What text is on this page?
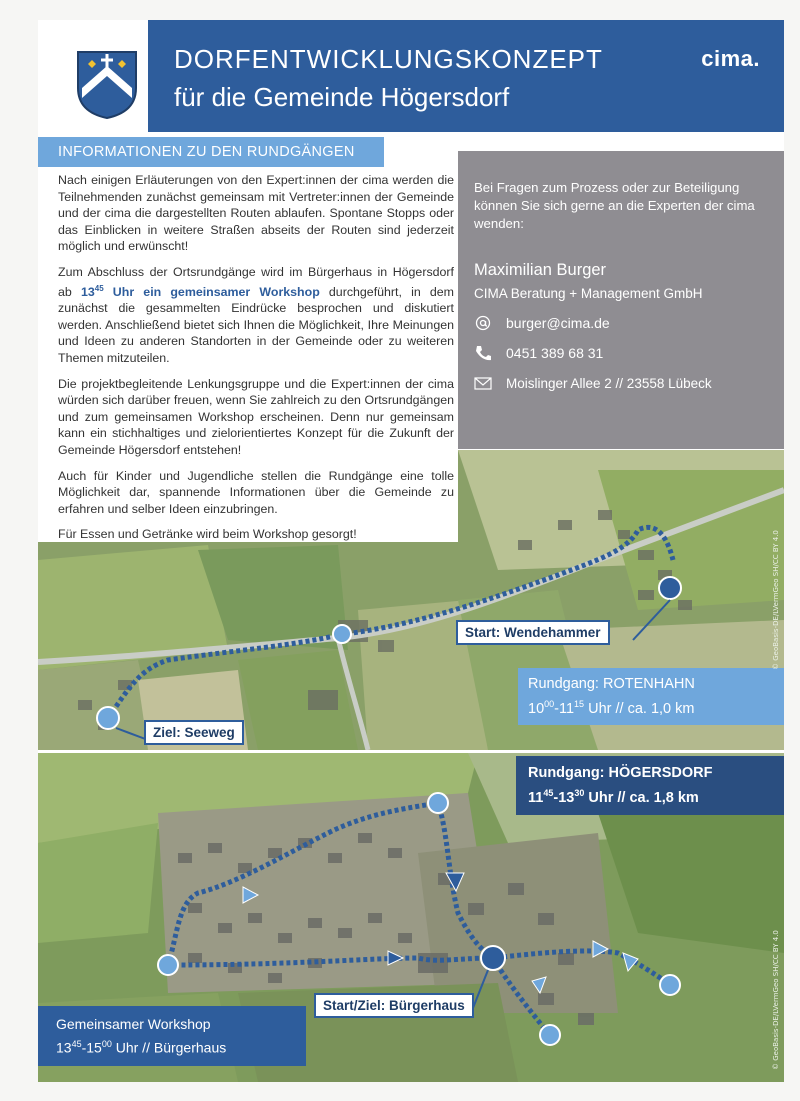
DORFENTWICKLUNGSKONZEPT
für die Gemeinde Högersdorf
cima.
INFORMATIONEN ZU DEN RUNDGÄNGEN
Bei Fragen zum Prozess oder zur Beteiligung können Sie sich gerne an die Experten der cima wenden:
Maximilian Burger
CIMA Beratung + Management GmbH
burger@cima.de
0451 389 68 31
Moislinger Allee 2 // 23558 Lübeck

Nach einigen Erläuterungen von den Expert:innen der cima werden die Teilnehmenden zunächst gemeinsam mit Vertreter:innen der Gemeinde und der cima die dargestellten Routen ablaufen. Spontane Stopps oder das Einblicken in weitere Straßen abseits der Routen sind jederzeit möglich und erwünscht!

Zum Abschluss der Ortsrundgänge wird im Bürgerhaus in Högersdorf ab $13^{45}$ Uhr ein gemeinsamer Workshop durchgeführt, in dem zunächst die gesammelten Eindrücke besprochen und diskutiert werden. Anschließend bietet sich Ihnen die Möglichkeit, Ihre Meinungen und Ideen zu anderen Standorten in der Gemeinde oder zu weiteren Themen mitzuteilen.

Die projektbegleitende Lenkungsgruppe und die Expert:innen der cima würden sich darüber freuen, wenn Sie zahlreich zu den Ortsrundgängen und zum gemeinsamen Workshop erscheinen. Denn nur gemeinsam kann ein stichhaltiges und zielorientiertes Konzept für die Zukunft der Gemeinde Högersdorf entstehen!

Auch für Kinder und Jugendliche stellen die Rundgänge eine tolle Möglichkeit dar, spannende Informationen über die Gemeinde zu erfahren und selber Ideen einzubringen.

Für Essen und Getränke wird beim Workshop gesorgt!

Start: Wendehammer
Ziel: Seeweg
Rundgang: ROTENHAHN
$10^{00}-11^{15}$ Uhr // ca. 1,0 km
© GeoBasis-DE/LVermGeo SH/CC BY 4.0
Rundgang: HÖGERSDORF
$11^{45}-13^{30}$ Uhr // ca. 1,8 km
Start/Ziel: Bürgerhaus
Gemeinsamer Workshop
$13^{45}-15^{00}$ Uhr // Bürgerhaus	© GeoBasis-DE/LVermGeo SH/CC BY 4.0
